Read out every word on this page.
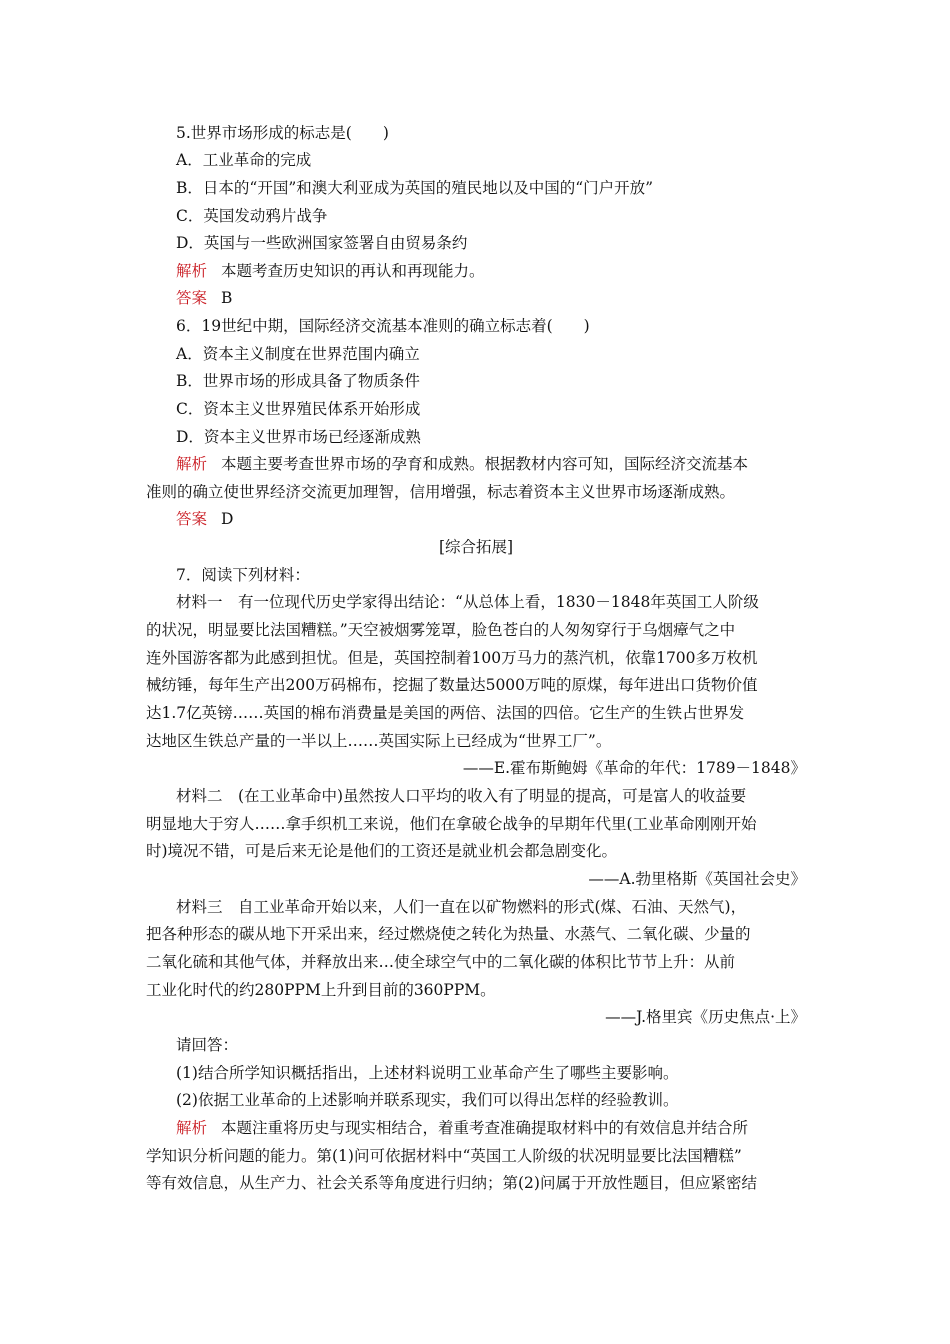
5.世界市场形成的标志是(　　)
A．工业革命的完成
B．日本的“开国”和澳大利亚成为英国的殖民地以及中国的“门户开放”
C．英国发动鸦片战争
D．英国与一些欧洲国家签署自由贸易条约
解析 本题考查历史知识的再认和再现能力。
答案 B
6．19世纪中期，国际经济交流基本准则的确立标志着(　　)
A．资本主义制度在世界范围内确立
B．世界市场的形成具备了物质条件
C．资本主义世界殖民体系开始形成
D．资本主义世界市场已经逐渐成熟
解析 本题主要考查世界市场的孕育和成熟。根据教材内容可知，国际经济交流基本
准则的确立使世界经济交流更加理智，信用增强，标志着资本主义世界市场逐渐成熟。
答案 D
[综合拓展]
7．阅读下列材料：
材料一　有一位现代历史学家得出结论：“从总体上看，1830－1848年英国工人阶级
的状况，明显要比法国糟糕。”天空被烟雾笼罩，脸色苍白的人匆匆穿行于乌烟瘴气之中
连外国游客都为此感到担忧。但是，英国控制着100万马力的蒸汽机，依靠1700多万枚机
械纺锤，每年生产出200万码棉布，挖掘了数量达5000万吨的原煤，每年进出口货物价值
达1.7亿英镑……英国的棉布消费量是美国的两倍、法国的四倍。它生产的生铁占世界发
达地区生铁总产量的一半以上……英国实际上已经成为“世界工厂”。
——E.霍布斯鲍姆《革命的年代：1789－1848》
材料二　(在工业革命中)虽然按人口平均的收入有了明显的提高，可是富人的收益要
明显地大于穷人……拿手织机工来说，他们在拿破仑战争的早期年代里(工业革命刚刚开始
时)境况不错，可是后来无论是他们的工资还是就业机会都急剧变化。
——A.勃里格斯《英国社会史》
材料三　自工业革命开始以来，人们一直在以矿物燃料的形式(煤、石油、天然气)，
把各种形态的碳从地下开采出来，经过燃烧使之转化为热量、水蒸气、二氧化碳、少量的
二氧化硫和其他气体，并释放出来…使全球空气中的二氧化碳的体积比节节上升：从前
工业化时代的约280PPM上升到目前的360PPM。
——J.格里宾《历史焦点·上》
请回答：
(1)结合所学知识概括指出，上述材料说明工业革命产生了哪些主要影响。
(2)依据工业革命的上述影响并联系现实，我们可以得出怎样的经验教训。
解析 本题注重将历史与现实相结合，着重考查准确提取材料中的有效信息并结合所
学知识分析问题的能力。第(1)问可依据材料中“英国工人阶级的状况明显要比法国糟糕”
等有效信息，从生产力、社会关系等角度进行归纳；第(2)问属于开放性题目，但应紧密结
